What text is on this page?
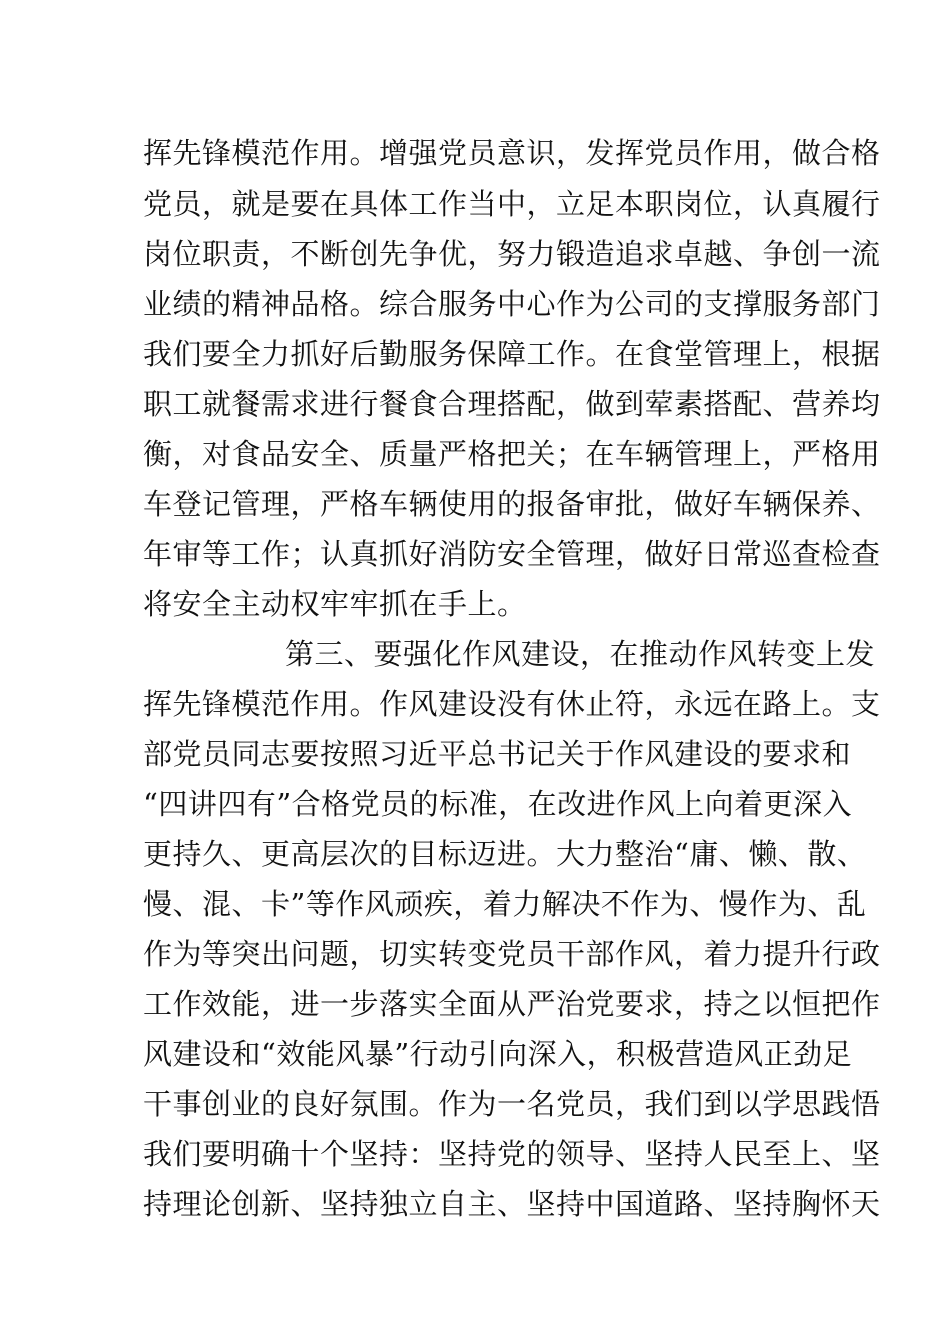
挥先锋模范作用。增强党员意识，发挥党员作用，做合格
党员，就是要在具体工作当中，立足本职岗位，认真履行
岗位职责，不断创先争优，努力锻造追求卓越、争创一流
业绩的精神品格。综合服务中心作为公司的支撑服务部门
我们要全力抓好后勤服务保障工作。在食堂管理上，根据
职工就餐需求进行餐食合理搭配，做到荤素搭配、营养均
衡，对食品安全、质量严格把关；在车辆管理上，严格用
车登记管理，严格车辆使用的报备审批，做好车辆保养、
年审等工作；认真抓好消防安全管理，做好日常巡查检查
将安全主动权牢牢抓在手上。
第三、要强化作风建设，在推动作风转变上发
挥先锋模范作用。作风建设没有休止符，永远在路上。支
部党员同志要按照习近平总书记关于作风建设的要求和
“四讲四有”合格党员的标准，在改进作风上向着更深入
更持久、更高层次的目标迈进。大力整治“庸、懒、散、
慢、混、卡”等作风顽疾，着力解决不作为、慢作为、乱
作为等突出问题，切实转变党员干部作风，着力提升行政
工作效能，进一步落实全面从严治党要求，持之以恒把作
风建设和“效能风暴”行动引向深入，积极营造风正劲足
干事创业的良好氛围。作为一名党员，我们到以学思践悟
我们要明确十个坚持：坚持党的领导、坚持人民至上、坚
持理论创新、坚持独立自主、坚持中国道路、坚持胸怀天
